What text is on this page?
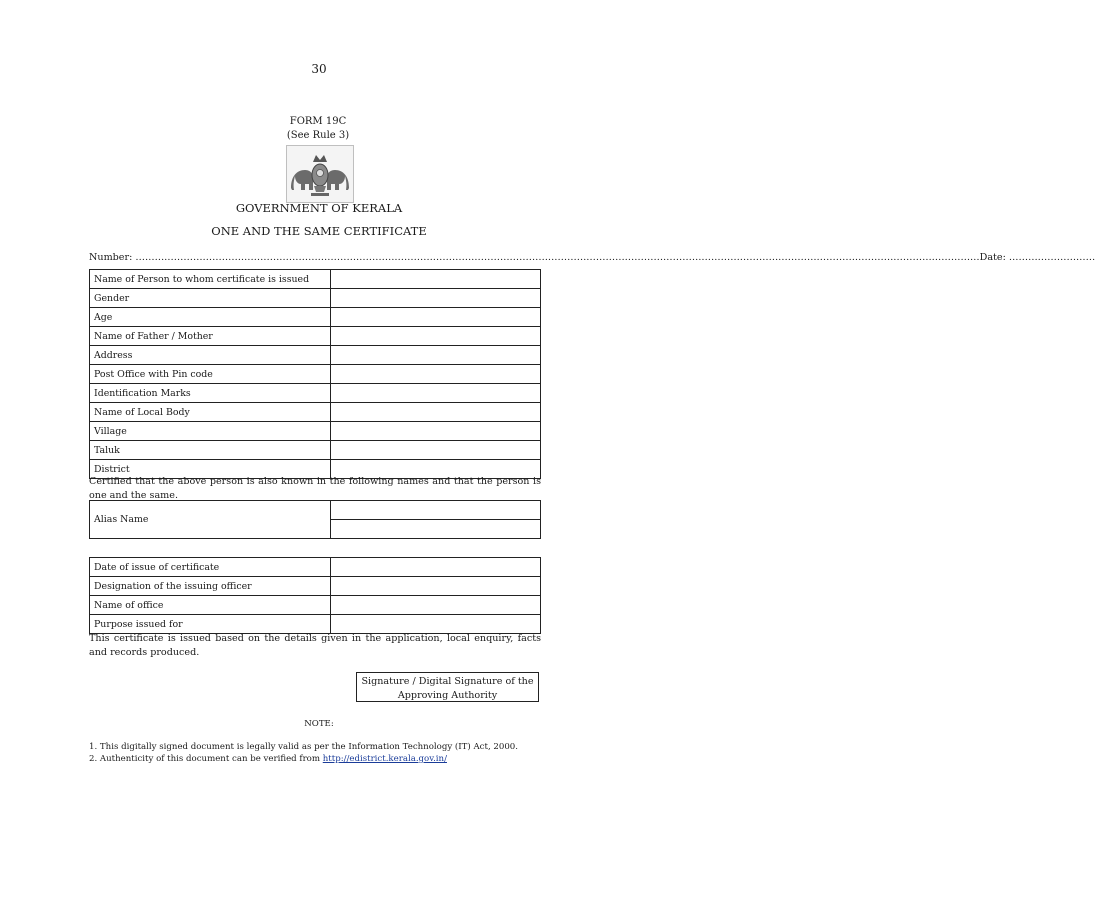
30
FORM 19C
(See Rule 3)
GOVERNMENT OF KERALA
ONE AND THE SAME CERTIFICATE
Number: …………………………………………………………………………………………………………………………………………………………………………………………………………………………………………Date: ………………………
Name of Person to whom certificate is issued	
Gender	
Age	
Name of Father / Mother	
Address	
Post Office with Pin code	
Identification Marks	
Name of Local Body	
Village	
Taluk	
District	
Certified that the above person is also known in the following names and that the person is one and the same.
Alias Name	

Date of issue of certificate	
Designation of the issuing officer	
Name of office	
Purpose issued for	
This certificate is issued based on the details given in the application, local enquiry, facts and records produced.
Signature / Digital Signature of the
Approving Authority
NOTE:
1. This digitally signed document is legally valid as per the Information Technology (IT) Act, 2000.
2. Authenticity of this document can be verified from http://edistrict.kerala.gov.in/
